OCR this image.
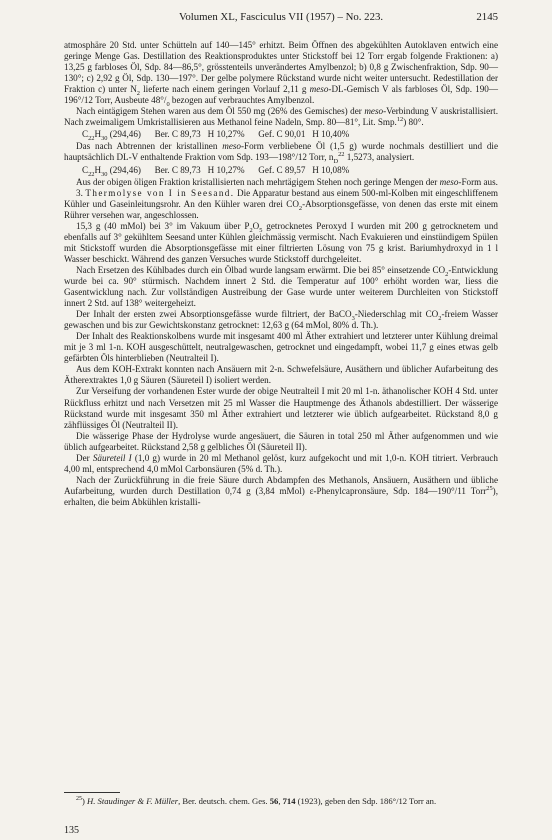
Volumen XL, Fasciculus VII (1957) – No. 223.	2145

atmosphäre 20 Std. unter Schütteln auf 140—145° erhitzt. Beim Öffnen des abgekühlten Autoklaven entwich eine geringe Menge Gas. Destillation des Reaktionsproduktes unter Stickstoff bei 12 Torr ergab folgende Fraktionen: a) 13,25 g farbloses Öl, Sdp. 84—86,5°, grösstenteils unverändertes Amylbenzol; b) 0,8 g Zwischenfraktion, Sdp. 90—130°; c) 2,92 g Öl, Sdp. 130—197°. Der gelbe polymere Rückstand wurde nicht weiter untersucht. Redestillation der Fraktion c) unter $N_2$ lieferte nach einem geringen Vorlauf 2,11 g meso-DL-Gemisch V als farbloses Öl, Sdp. 190—196°/12 Torr, Ausbeute $48^\circ/_0$ bezogen auf verbrauchtes Amylbenzol.

Nach eintägigem Stehen waren aus dem Öl 550 mg (26% des Gemisches) der meso-Verbindung V auskristallisiert. Nach zweimaligem Umkristallisieren aus Methanol feine Nadeln, Smp. 80—81°, Lit. Smp.$^{12}$) 80°.

$C_{22}H_{30}$ (294,46)      Ber. C 89,73   H 10,27%      Gef. C 90,01   H 10,40%

Das nach Abtrennen der kristallinen meso-Form verbliebene Öl (1,5 g) wurde nochmals destilliert und die hauptsächlich DL-V enthaltende Fraktion vom Sdp. 193—198°/12 Torr, $n_D^{22}$ 1,5273, analysiert.

$C_{22}H_{30}$ (294,46)      Ber. C 89,73   H 10,27%      Gef. C 89,57   H 10,08%

Aus der obigen öligen Fraktion kristallisierten nach mehrtägigem Stehen noch geringe Mengen der meso-Form aus.

3. Thermolyse von I in Seesand. Die Apparatur bestand aus einem 500-ml-Kolben mit eingeschliffenem Kühler und Gaseinleitungsrohr. An den Kühler waren drei $CO_2$-Absorptionsgefässe, von denen das erste mit einem Rührer versehen war, angeschlossen.

15,3 g (40 mMol) bei 3° im Vakuum über $P_2O_5$ getrocknetes Peroxyd I wurden mit 200 g getrocknetem und ebenfalls auf 3° gekühltem Seesand unter Kühlen gleichmässig vermischt. Nach Evakuieren und einstündigem Spülen mit Stickstoff wurden die Absorptionsgefässe mit einer filtrierten Lösung von 75 g krist. Bariumhydroxyd in 1 l Wasser beschickt. Während des ganzen Versuches wurde Stickstoff durchgeleitet.

Nach Ersetzen des Kühlbades durch ein Ölbad wurde langsam erwärmt. Die bei 85° einsetzende $CO_2$-Entwicklung wurde bei ca. 90° stürmisch. Nachdem innert 2 Std. die Temperatur auf 100° erhöht worden war, liess die Gasentwicklung nach. Zur vollständigen Austreibung der Gase wurde unter weiterem Durchleiten von Stickstoff innert 2 Std. auf 138° weitergeheizt.

Der Inhalt der ersten zwei Absorptionsgefässe wurde filtriert, der BaCO$_3$-Niederschlag mit $CO_2$-freiem Wasser gewaschen und bis zur Gewichtskonstanz getrocknet: 12,63 g (64 mMol, 80% d. Th.).

Der Inhalt des Reaktionskolbens wurde mit insgesamt 400 ml Äther extrahiert und letzterer unter Kühlung dreimal mit je 3 ml 1-n. KOH ausgeschüttelt, neutralgewaschen, getrocknet und eingedampft, wobei 11,7 g eines etwas gelb gefärbten Öls hinterblieben (Neutralteil I).

Aus dem KOH-Extrakt konnten nach Ansäuern mit 2-n. Schwefelsäure, Ausäthern und üblicher Aufarbeitung des Ätherextraktes 1,0 g Säuren (Säureteil I) isoliert werden.

Zur Verseifung der vorhandenen Ester wurde der obige Neutralteil I mit 20 ml 1-n. äthanolischer KOH 4 Std. unter Rückfluss erhitzt und nach Versetzen mit 25 ml Wasser die Hauptmenge des Äthanols abdestilliert. Der wässerige Rückstand wurde mit insgesamt 350 ml Äther extrahiert und letzterer wie üblich aufgearbeitet. Rückstand 8,0 g zähflüssiges Öl (Neutralteil II).

Die wässerige Phase der Hydrolyse wurde angesäuert, die Säuren in total 250 ml Äther aufgenommen und wie üblich aufgearbeitet. Rückstand 2,58 g gelbliches Öl (Säureteil II).

Der Säureteil I (1,0 g) wurde in 20 ml Methanol gelöst, kurz aufgekocht und mit 1,0-n. KOH titriert. Verbrauch 4,00 ml, entsprechend 4,0 mMol Carbonsäuren (5% d. Th.).

Nach der Zurückführung in die freie Säure durch Abdampfen des Methanols, Ansäuern, Ausäthern und übliche Aufarbeitung, wurden durch Destillation 0,74 g (3,84 mMol) ε-Phenylcapronsäure, Sdp. 184—190°/11 Torr$^{25}$), erhalten, die beim Abkühlen kristalli-

$^{25}$) H. Staudinger & F. Müller, Ber. deutsch. chem. Ges. 56, 714 (1923), geben den Sdp. 186°/12 Torr an.
135
